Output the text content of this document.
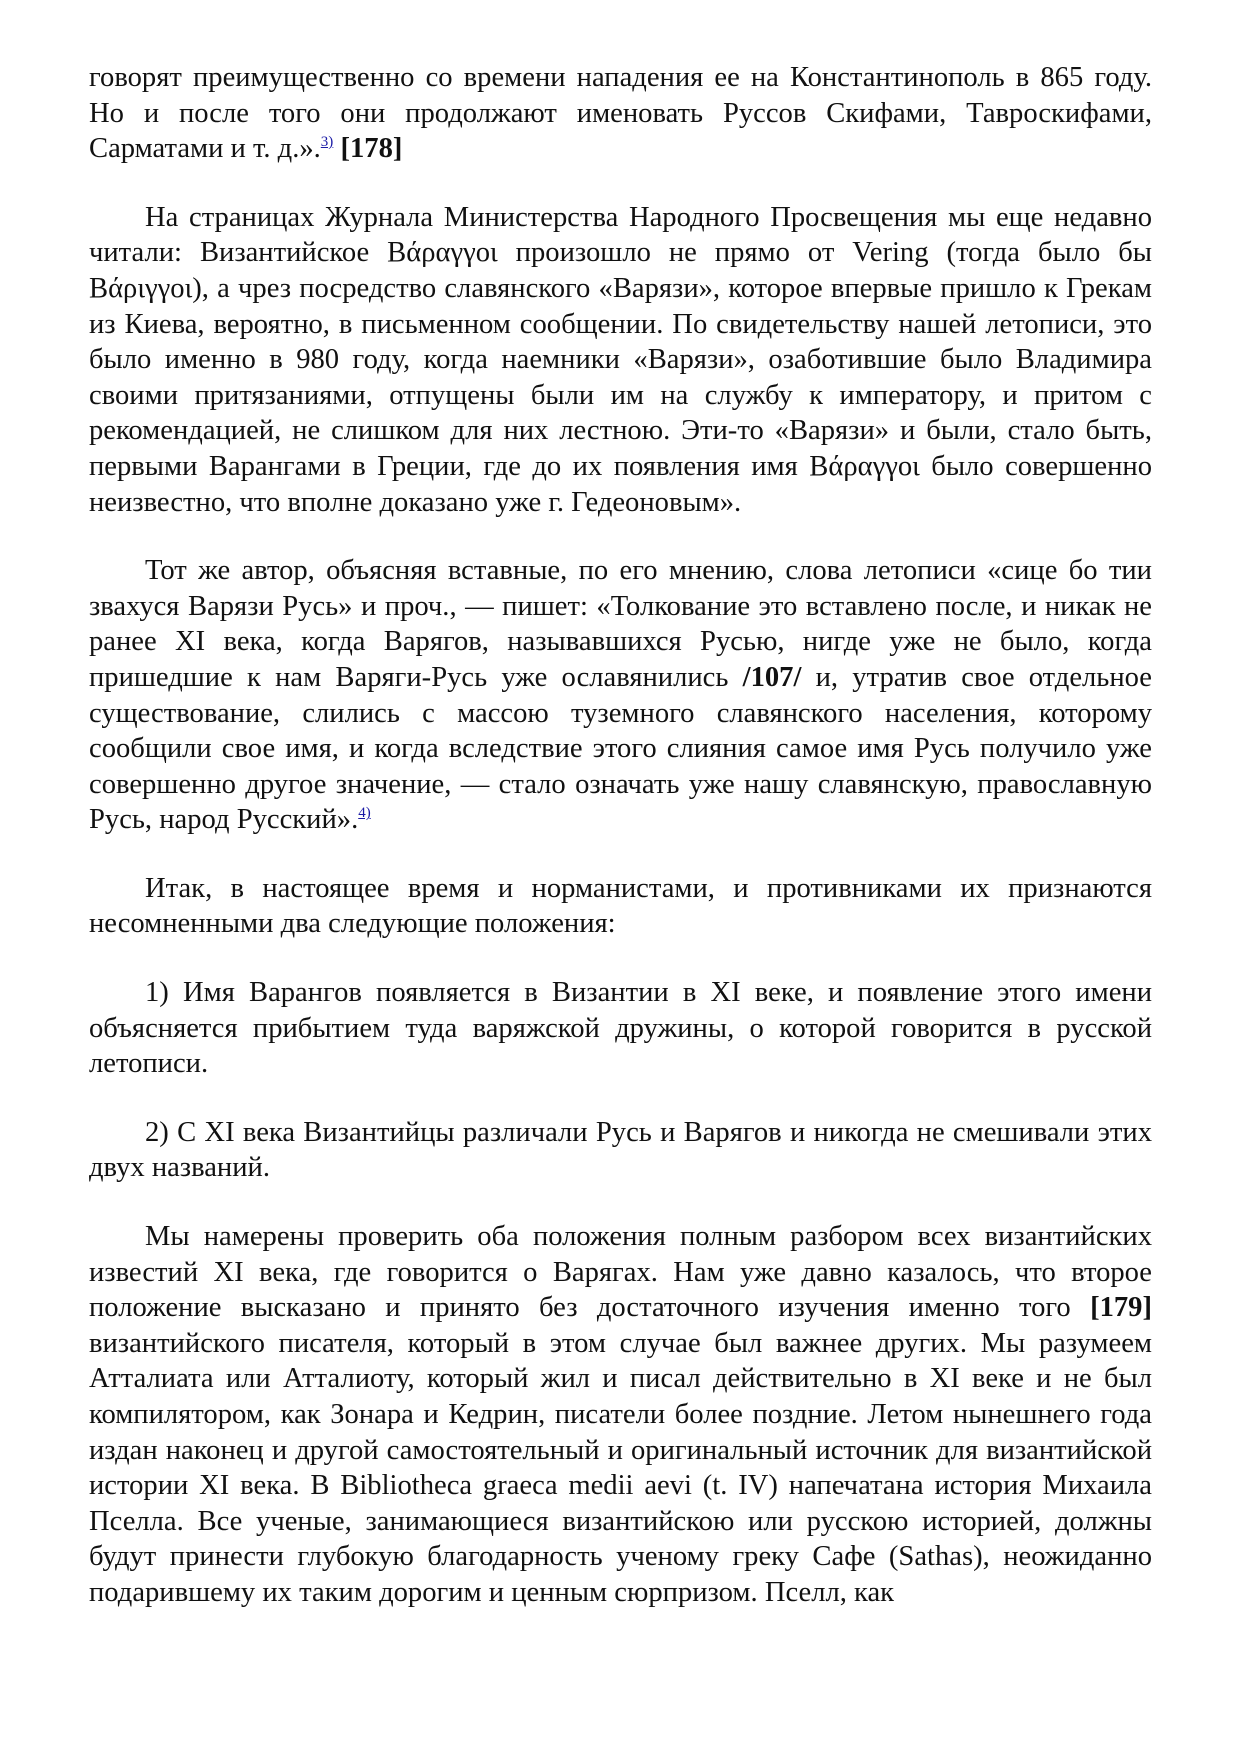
говорят преимущественно со времени нападения ее на Константинополь в 865 году. Но и после того они продолжают именовать Руссов Скифами, Тавроскифами, Сарматами и т. д.».$^{3)}$ [178]

На страницах Журнала Министерства Народного Просвещения мы еще недавно читали: Византийское Βάραγγοι произошло не прямо от Vering (тогда было бы Βάριγγοι), а чрез посредство славянского «Варязи», которое впервые пришло к Грекам из Киева, вероятно, в письменном сообщении. По свидетельству нашей летописи, это было именно в 980 году, когда наемники «Варязи», озаботившие было Владимира своими притязаниями, отпущены были им на службу к императору, и притом с рекомендацией, не слишком для них лестною. Эти-то «Варязи» и были, стало быть, первыми Варангами в Греции, где до их появления имя Βάραγγοι было совершенно неизвестно, что вполне доказано уже г. Гедеоновым».

Тот же автор, объясняя вставные, по его мнению, слова летописи «сице бо тии звахуся Варязи Русь» и проч., — пишет: «Толкование это вставлено после, и никак не ранее XI века, когда Варягов, называвшихся Русью, нигде уже не было, когда пришедшие к нам Варяги-Русь уже ославянились /107/ и, утратив свое отдельное существование, слились с массою туземного славянского населения, которому сообщили свое имя, и когда вследствие этого слияния самое имя Русь получило уже совершенно другое значение, — стало означать уже нашу славянскую, православную Русь, народ Русский».$^{4)}$

Итак, в настоящее время и норманистами, и противниками их признаются несомненными два следующие положения:

1) Имя Варангов появляется в Византии в XI веке, и появление этого имени объясняется прибытием туда варяжской дружины, о которой говорится в русской летописи.

2) С XI века Византийцы различали Русь и Варягов и никогда не смешивали этих двух названий.

Мы намерены проверить оба положения полным разбором всех византийских известий XI века, где говорится о Варягах. Нам уже давно казалось, что второе положение высказано и принято без достаточного изучения именно того [179] византийского писателя, который в этом случае был важнее других. Мы разумеем Атталиата или Атталиоту, который жил и писал действительно в XI веке и не был компилятором, как Зонара и Кедрин, писатели более поздние. Летом нынешнего года издан наконец и другой самостоятельный и оригинальный источник для византийской истории XI века. В Bibliotheca graeca medii aevi (t. IV) напечатана история Михаила Пселла. Все ученые, занимающиеся византийскою или русскою историей, должны будут принести глубокую благодарность ученому греку Сафе (Sathas), неожиданно подарившему их таким дорогим и ценным сюрпризом. Пселл, как
